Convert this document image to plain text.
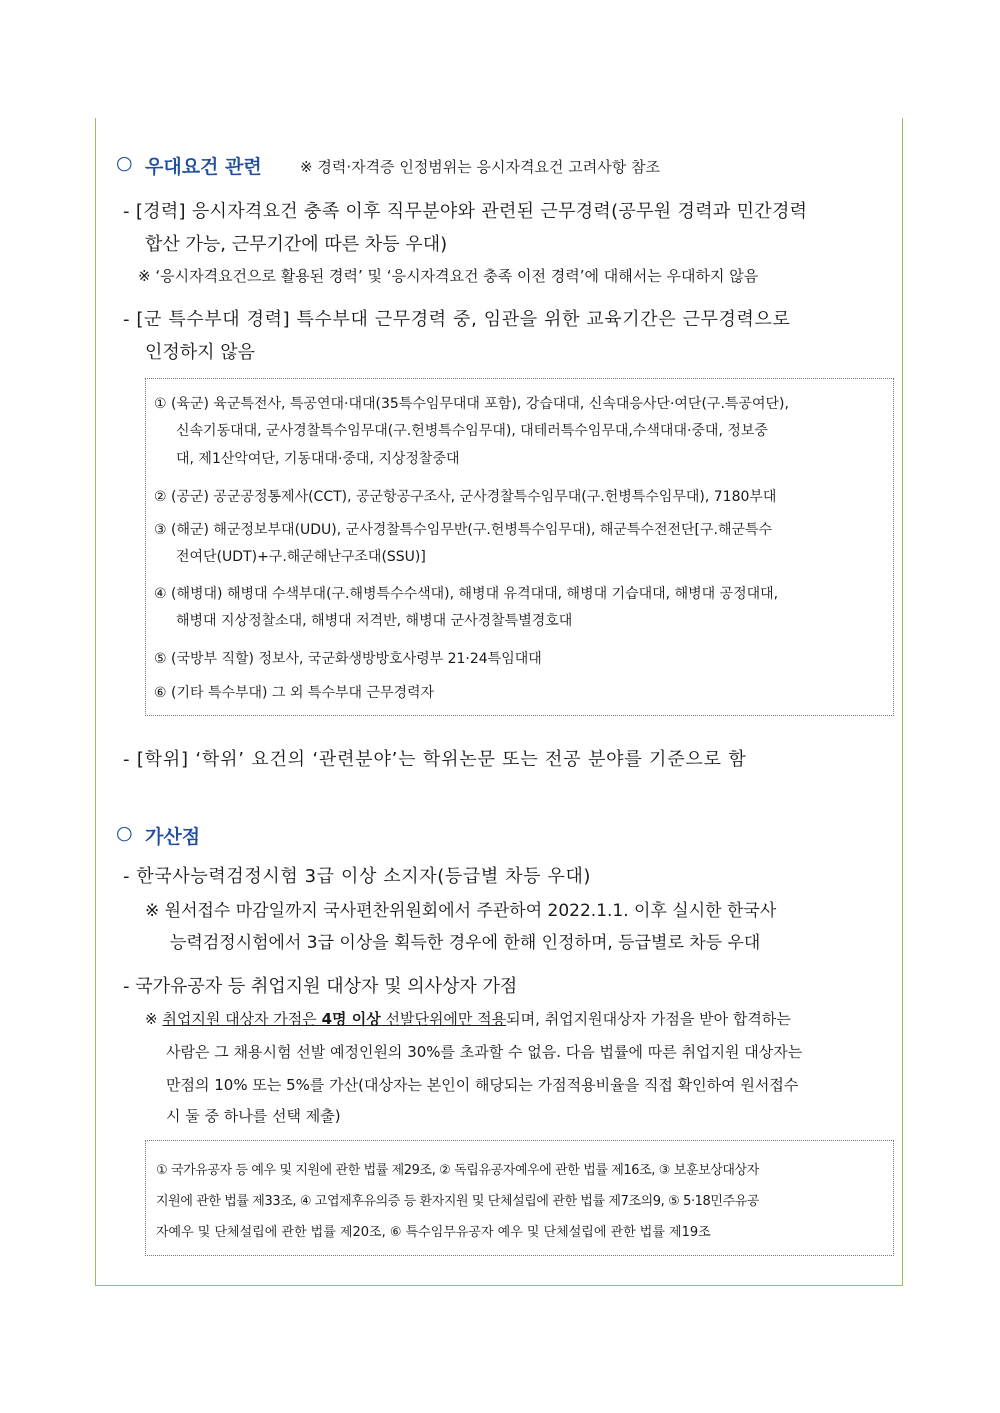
○ 우대요건 관련	※ 경력·자격증 인정범위는 응시자격요건 고려사항 참조
- [경력] 응시자격요건 충족 이후 직무분야와 관련된 근무경력(공무원 경력과 민간경력
합산 가능, 근무기간에 따른 차등 우대)
※ ‘응시자격요건으로 활용된 경력’ 및 ‘응시자격요건 충족 이전 경력’에 대해서는 우대하지 않음
- [군 특수부대 경력] 특수부대 근무경력 중, 임관을 위한 교육기간은 근무경력으로
인정하지 않음
① (육군) 육군특전사, 특공연대·대대(35특수임무대대 포함), 강습대대, 신속대응사단·여단(구.특공여단),
신속기동대대, 군사경찰특수임무대(구.헌병특수임무대), 대테러특수임무대,수색대대·중대, 정보중
대, 제1산악여단, 기동대대·중대, 지상정찰중대
② (공군) 공군공정통제사(CCT), 공군항공구조사, 군사경찰특수임무대(구.헌병특수임무대), 7180부대
③ (해군) 해군정보부대(UDU), 군사경찰특수임무반(구.헌병특수임무대), 해군특수전전단[구.해군특수
전여단(UDT)+구.해군해난구조대(SSU)]
④ (해병대) 해병대 수색부대(구.해병특수수색대), 해병대 유격대대, 해병대 기습대대, 해병대 공정대대,
해병대 지상정찰소대, 해병대 저격반, 해병대 군사경찰특별경호대
⑤ (국방부 직할) 정보사, 국군화생방방호사령부 21·24특임대대
⑥ (기타 특수부대) 그 외 특수부대 근무경력자
- [학위] ‘학위’ 요건의 ‘관련분야’는 학위논문 또는 전공 분야를 기준으로 함
○ 가산점
- 한국사능력검정시험 3급 이상 소지자(등급별 차등 우대)
※ 원서접수 마감일까지 국사편찬위원회에서 주관하여 2022.1.1. 이후 실시한 한국사
능력검정시험에서 3급 이상을 획득한 경우에 한해 인정하며, 등급별로 차등 우대
- 국가유공자 등 취업지원 대상자 및 의사상자 가점
※ 취업지원 대상자 가점은 4명 이상 선발단위에만 적용되며, 취업지원대상자 가점을 받아 합격하는
사람은 그 채용시험 선발 예정인원의 30%를 초과할 수 없음. 다음 법률에 따른 취업지원 대상자는
만점의 10% 또는 5%를 가산(대상자는 본인이 해당되는 가점적용비율을 직접 확인하여 원서접수
시 둘 중 하나를 선택 제출)
① 국가유공자 등 예우 및 지원에 관한 법률 제29조, ② 독립유공자예우에 관한 법률 제16조, ③ 보훈보상대상자
지원에 관한 법률 제33조, ④ 고엽제후유의증 등 환자지원 및 단체설립에 관한 법률 제7조의9, ⑤ 5·18민주유공
자예우 및 단체설립에 관한 법률 제20조, ⑥ 특수임무유공자 예우 및 단체설립에 관한 법률 제19조
